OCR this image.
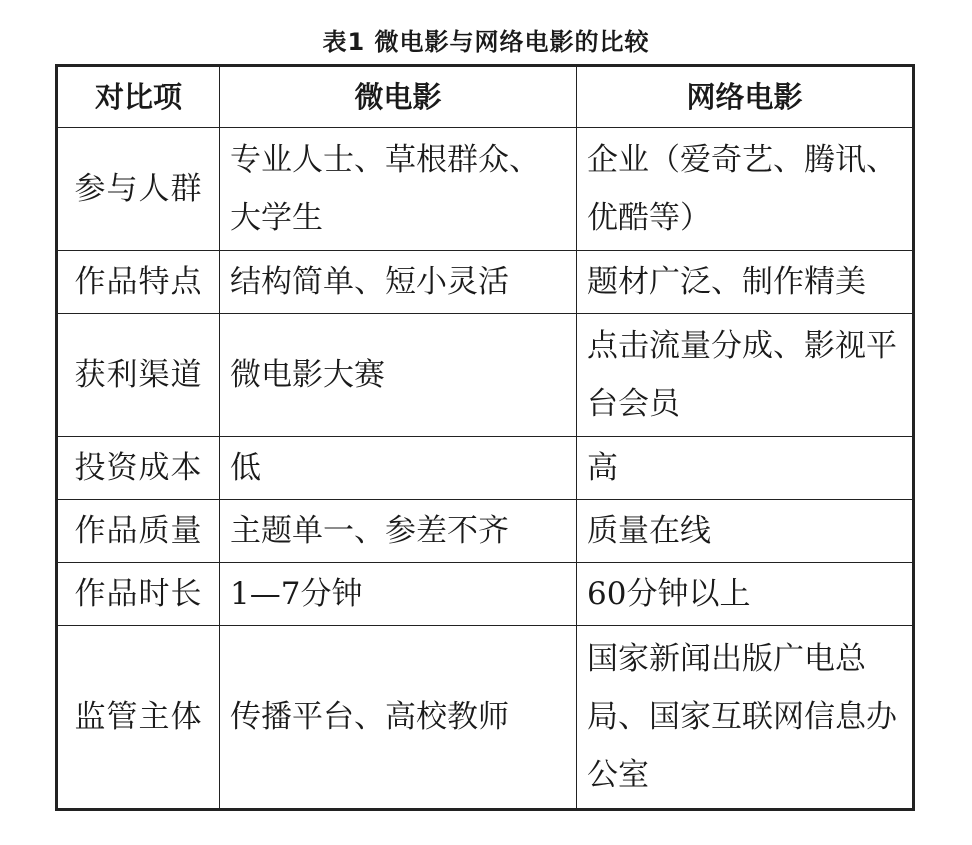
表1 微电影与网络电影的比较
对比项	微电影	网络电影
参与人群	专业人士、草根群众、大学生	企业（爱奇艺、腾讯、优酷等）
作品特点	结构简单、短小灵活	题材广泛、制作精美
获利渠道	微电影大赛	点击流量分成、影视平台会员
投资成本	低	高
作品质量	主题单一、参差不齐	质量在线
作品时长	1—7分钟	60分钟以上
监管主体	传播平台、高校教师	国家新闻出版广电总局、国家互联网信息办公室
